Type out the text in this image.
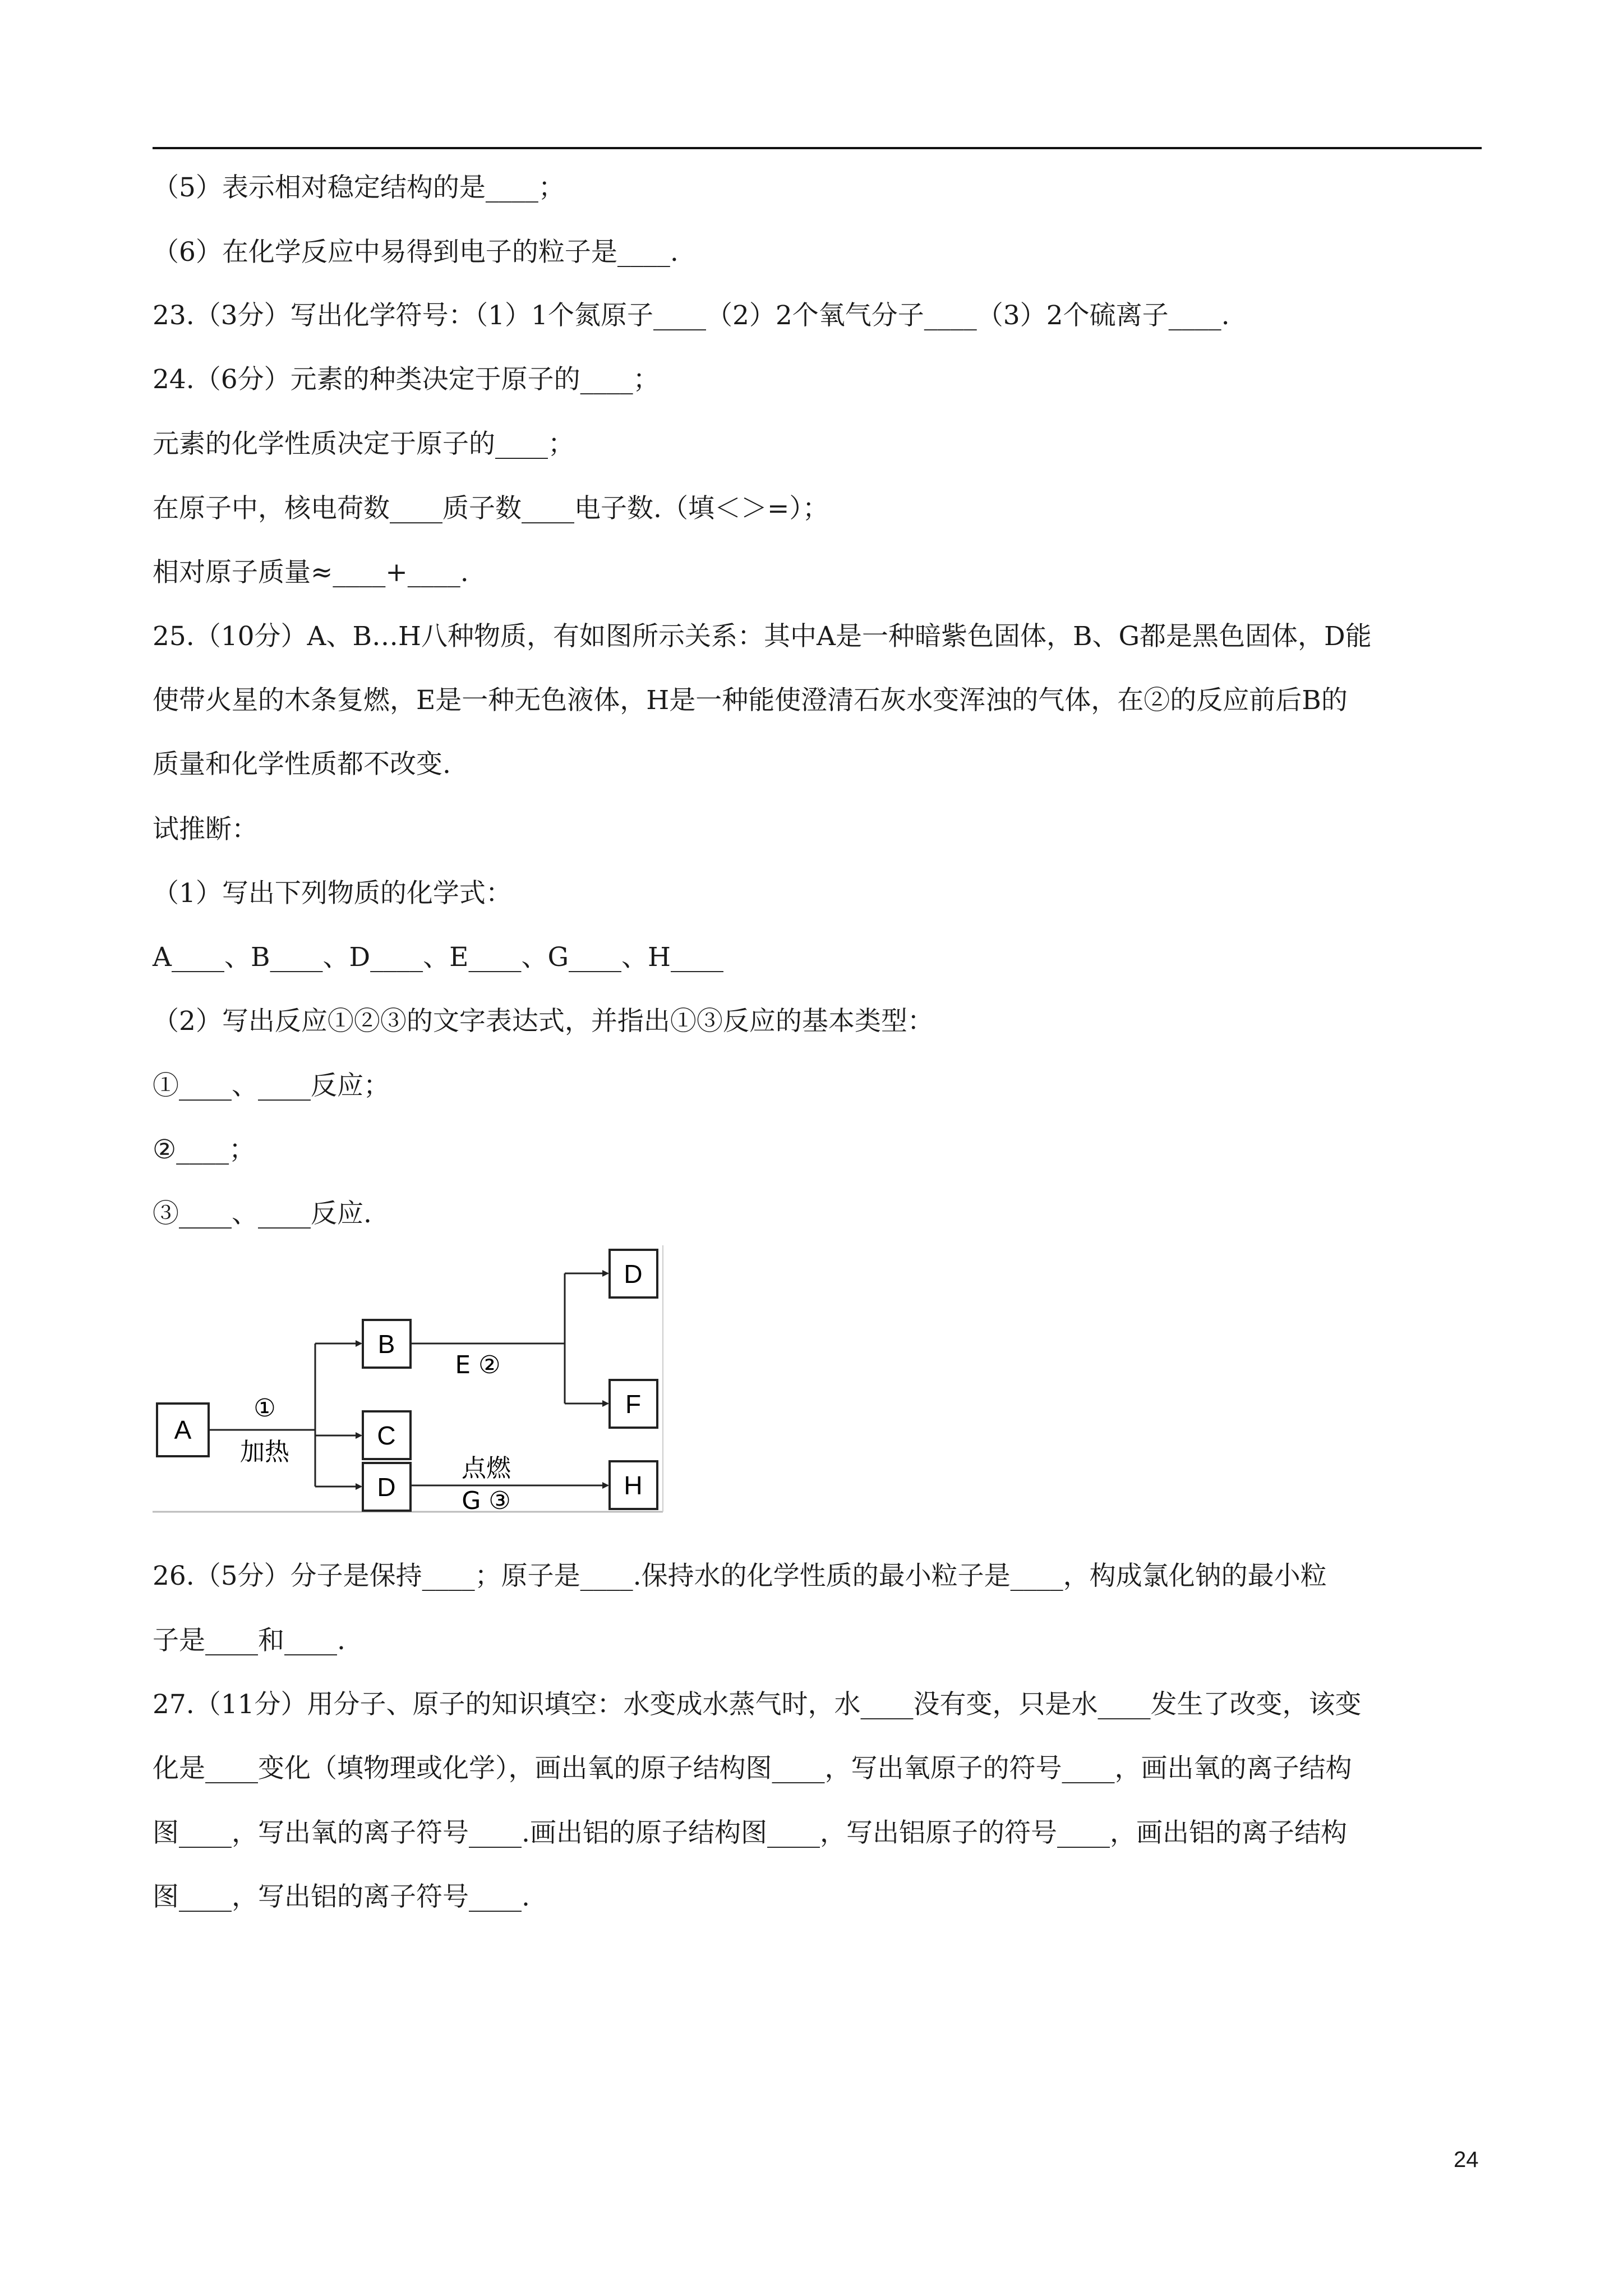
（5）表示相对稳定结构的是____；
（6）在化学反应中易得到电子的粒子是____.
23.（3分）写出化学符号：（1）1个氮原子____（2）2个氧气分子____（3）2个硫离子____.
24.（6分）元素的种类决定于原子的____；
元素的化学性质决定于原子的____；
在原子中，核电荷数____质子数____电子数.（填＜＞=）；
相对原子质量≈____+____.
25.（10分）A、B…H八种物质，有如图所示关系：其中A是一种暗紫色固体，B、G都是黑色固体，D能
使带火星的木条复燃，E是一种无色液体，H是一种能使澄清石灰水变浑浊的气体，在②的反应前后B的
质量和化学性质都不改变.
试推断：
（1）写出下列物质的化学式：
A____、B____、D____、E____、G____、H____
（2）写出反应①②③的文字表达式，并指出①③反应的基本类型：
①____、____反应；
②____；
③____、____反应.
A
B
C
D
D
F
H
①
加热
E ②
点燃
G ③
26.（5分）分子是保持____；原子是____.保持水的化学性质的最小粒子是____，构成氯化钠的最小粒
子是____和____.
27.（11分）用分子、原子的知识填空：水变成水蒸气时，水____没有变，只是水____发生了改变，该变
化是____变化（填物理或化学），画出氧的原子结构图____，写出氧原子的符号____，画出氧的离子结构
图____，写出氧的离子符号____.画出铝的原子结构图____，写出铝原子的符号____，画出铝的离子结构
图____，写出铝的离子符号____.
24
